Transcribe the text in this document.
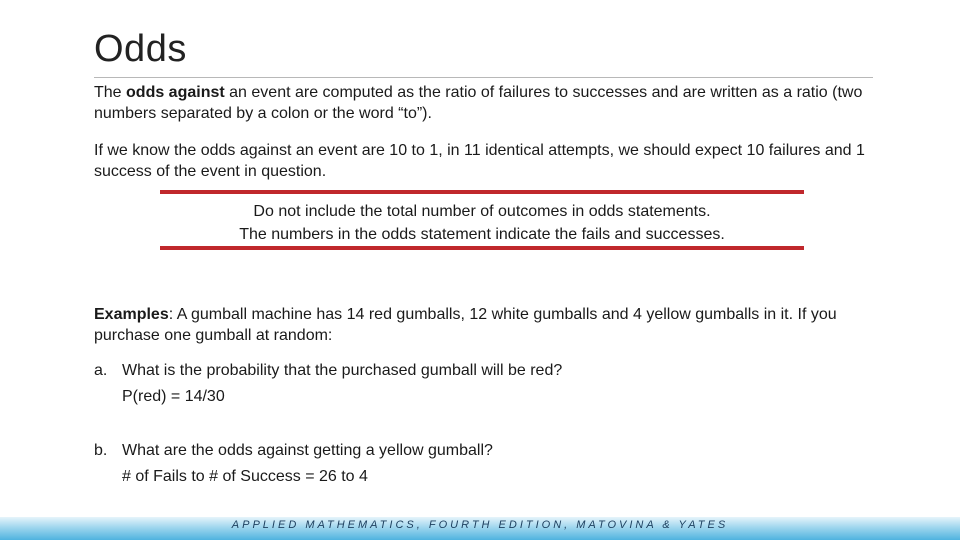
Odds
The odds against an event are computed as the ratio of failures to successes and are written as a ratio (two numbers separated by a colon or the word “to”).
If we know the odds against an event are 10 to 1, in 11 identical attempts, we should expect 10 failures and 1 success of the event in question.
Do not include the total number of outcomes in odds statements.
The numbers in the odds statement indicate the fails and successes.
Examples: A gumball machine has 14 red gumballs, 12 white gumballs and 4 yellow gumballs in it. If you purchase one gumball at random:
a. What is the probability that the purchased gumball will be red?
P(red) = 14/30
b. What are the odds against getting a yellow gumball?
# of Fails to # of Success = 26 to 4
APPLIED MATHEMATICS, FOURTH EDITION, MATOVINA & YATES
